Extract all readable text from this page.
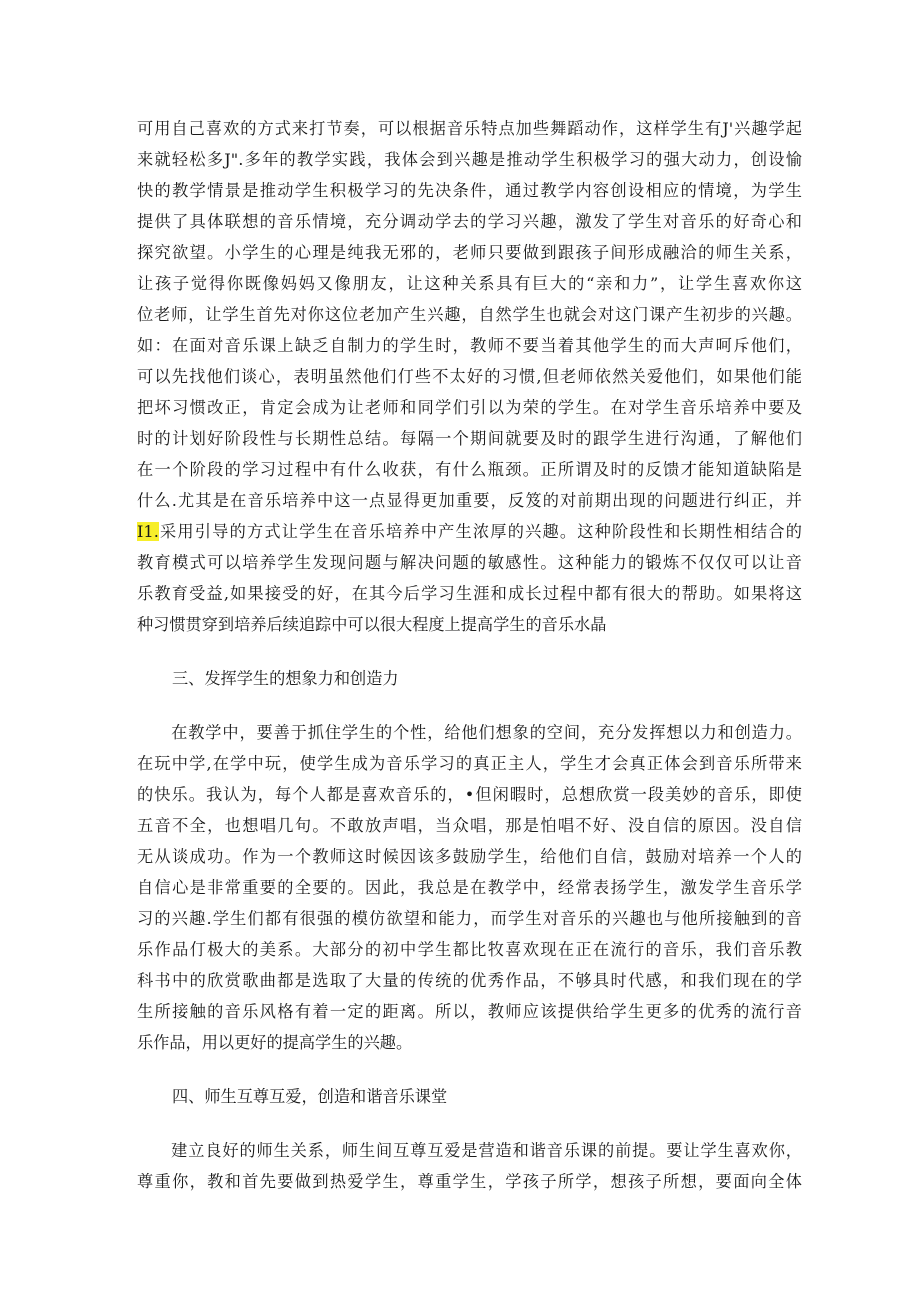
可用自己喜欢的方式来打节奏，可以根据音乐特点加些舞蹈动作，这样学生有J'兴趣学起
来就轻松多J".多年的教学实践，我体会到兴趣是推动学生积极学习的强大动力，创设愉
快的教学情景是推动学生积极学习的先决条件，通过教学内容创设相应的情境，为学生
提供了具体联想的音乐情境，充分调动学去的学习兴趣，激发了学生对音乐的好奇心和
探究欲望。小学生的心理是纯我无邪的，老师只要做到跟孩子间形成融洽的师生关系，
让孩子觉得你既像妈妈又像朋友，让这种关系具有巨大的“亲和力”，让学生喜欢你这
位老师，让学生首先对你这位老加产生兴趣，自然学生也就会对这门课产生初步的兴趣。
如：在面对音乐课上缺乏自制力的学生时，教师不要当着其他学生的而大声呵斥他们，
可以先找他们谈心，表明虽然他们仃些不太好的习惯,但老师依然关爱他们，如果他们能
把坏习惯改正，肯定会成为让老师和同学们引以为荣的学生。在对学生音乐培养中要及
时的计划好阶段性与长期性总结。每隔一个期间就要及时的跟学生进行沟通，了解他们
在一个阶段的学习过程中有什么收获，有什么瓶颈。正所谓及时的反馈才能知道缺陷是
什么.尤其是在音乐培养中这一点显得更加重要，反笈的对前期出现的问题进行纠正，并
I1.采用引导的方式让学生在音乐培养中产生浓厚的兴趣。这种阶段性和长期性相结合的
教育模式可以培养学生发现问题与解决问题的敏感性。这种能力的锻炼不仅仅可以让音
乐教育受益,如果接受的好，在其今后学习生涯和成长过程中都有很大的帮助。如果将这
种习惯贯穿到培养后续追踪中可以很大程度上提高学生的音乐水晶
三、发挥学生的想象力和创造力
　　在教学中，要善于抓住学生的个性，给他们想象的空间，充分发挥想以力和创造力。
在玩中学,在学中玩，使学生成为音乐学习的真正主人，学生才会真正体会到音乐所带来
的快乐。我认为，每个人都是喜欢音乐的，•但闲暇时，总想欣赏一段美妙的音乐，即使
五音不全，也想唱几句。不敢放声唱，当众唱，那是怕唱不好、没自信的原因。没自信
无从谈成功。作为一个教师这时候因该多鼓励学生，给他们自信，鼓励对培养一个人的
自信心是非常重要的全要的。因此，我总是在教学中，经常表扬学生，激发学生音乐学
习的兴趣.学生们都有很强的模仿欲望和能力，而学生对音乐的兴趣也与他所接触到的音
乐作品仃极大的美系。大部分的初中学生都比牧喜欢现在正在流行的音乐，我们音乐教
科书中的欣赏歌曲都是选取了大量的传统的优秀作品，不够具时代感，和我们现在的学
生所接触的音乐风格有着一定的距离。所以，教师应该提供给学生更多的优秀的流行音
乐作品，用以更好的提高学生的兴趣。
四、师生互尊互爱，创造和谐音乐课堂
　　建立良好的师生关系，师生间互尊互爱是营造和谐音乐课的前提。要让学生喜欢你，
尊重你，教和首先要做到热爱学生，尊重学生，学孩子所学，想孩子所想，要面向全体
